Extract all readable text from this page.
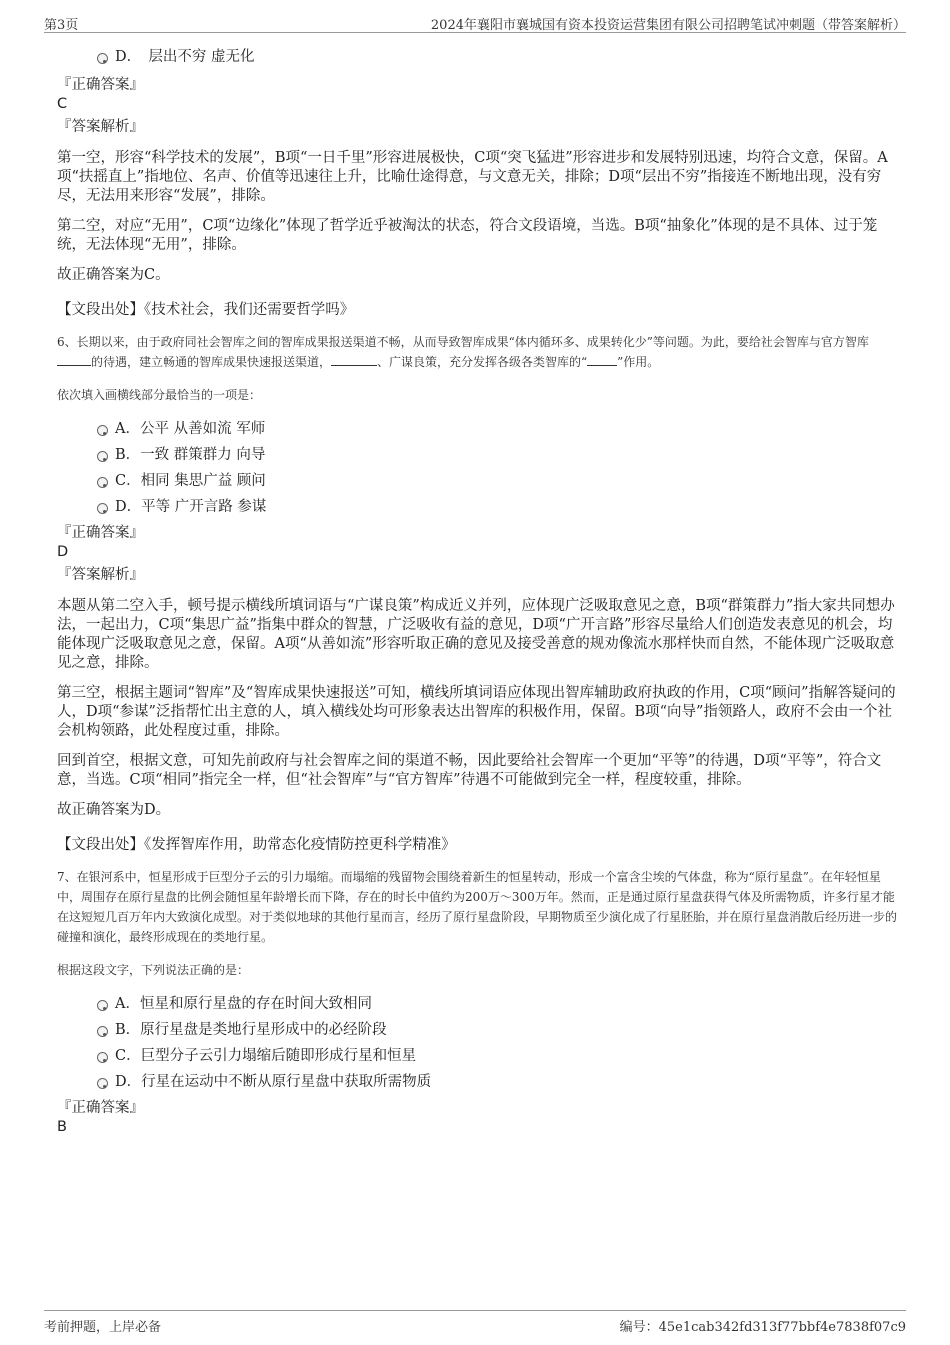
第3页	2024年襄阳市襄城国有资本投资运营集团有限公司招聘笔试冲刺题（带答案解析）
D．　层出不穷 虚无化
『正确答案』
C
『答案解析』

第一空，形容“科学技术的发展”，B项“一日千里”形容进展极快，C项“突飞猛进”形容进步和发展特别迅速，均符合文意，保留。A项“扶摇直上”指地位、名声、价值等迅速往上升，比喻仕途得意，与文意无关，排除；D项“层出不穷”指接连不断地出现，没有穷尽，无法用来形容“发展”，排除。

第二空，对应“无用”，C项“边缘化”体现了哲学近乎被淘汰的状态，符合文段语境，当选。B项“抽象化”体现的是不具体、过于笼统，无法体现“无用”，排除。

故正确答案为C。

【文段出处】《技术社会，我们还需要哲学吗》
6、长期以来，由于政府同社会智库之间的智库成果报送渠道不畅，从而导致智库成果“体内循环多、成果转化少”等问题。为此，要给社会智库与官方智库的待遇，建立畅通的智库成果快速报送渠道，	、广谋良策，充分发挥各级各类智库的“	”作用。
依次填入画横线部分最恰当的一项是：
A．公平 从善如流 军师
B．一致 群策群力 向导
C．相同 集思广益 顾问
D．平等 广开言路 参谋
『正确答案』
D
『答案解析』

本题从第二空入手，顿号提示横线所填词语与“广谋良策”构成近义并列，应体现广泛吸取意见之意，B项“群策群力”指大家共同想办法，一起出力，C项“集思广益”指集中群众的智慧，广泛吸收有益的意见，D项“广开言路”形容尽量给人们创造发表意见的机会，均能体现广泛吸取意见之意，保留。A项“从善如流”形容听取正确的意见及接受善意的规劝像流水那样快而自然，不能体现广泛吸取意见之意，排除。

第三空，根据主题词“智库”及“智库成果快速报送”可知，横线所填词语应体现出智库辅助政府执政的作用，C项“顾问”指解答疑问的人，D项“参谋”泛指帮忙出主意的人，填入横线处均可形象表达出智库的积极作用，保留。B项“向导”指领路人，政府不会由一个社会机构领路，此处程度过重，排除。

回到首空，根据文意，可知先前政府与社会智库之间的渠道不畅，因此要给社会智库一个更加“平等”的待遇，D项“平等”，符合文意，当选。C项“相同”指完全一样，但“社会智库”与“官方智库”待遇不可能做到完全一样，程度较重，排除。

故正确答案为D。

【文段出处】《发挥智库作用，助常态化疫情防控更科学精准》
7、在银河系中，恒星形成于巨型分子云的引力塌缩。而塌缩的残留物会围绕着新生的恒星转动，形成一个富含尘埃的气体盘，称为“原行星盘”。在年轻恒星中，周围存在原行星盘的比例会随恒星年龄增长而下降，存在的时长中值约为200万～300万年。然而，正是通过原行星盘获得气体及所需物质，许多行星才能在这短短几百万年内大致演化成型。对于类似地球的其他行星而言，经历了原行星盘阶段，早期物质至少演化成了行星胚胎，并在原行星盘消散后经历进一步的碰撞和演化，最终形成现在的类地行星。
根据这段文字，下列说法正确的是：
A．恒星和原行星盘的存在时间大致相同
B．原行星盘是类地行星形成中的必经阶段
C．巨型分子云引力塌缩后随即形成行星和恒星
D．行星在运动中不断从原行星盘中获取所需物质
『正确答案』
B
考前押题，上岸必备	编号：45e1cab342fd313f77bbf4e7838f07c9
